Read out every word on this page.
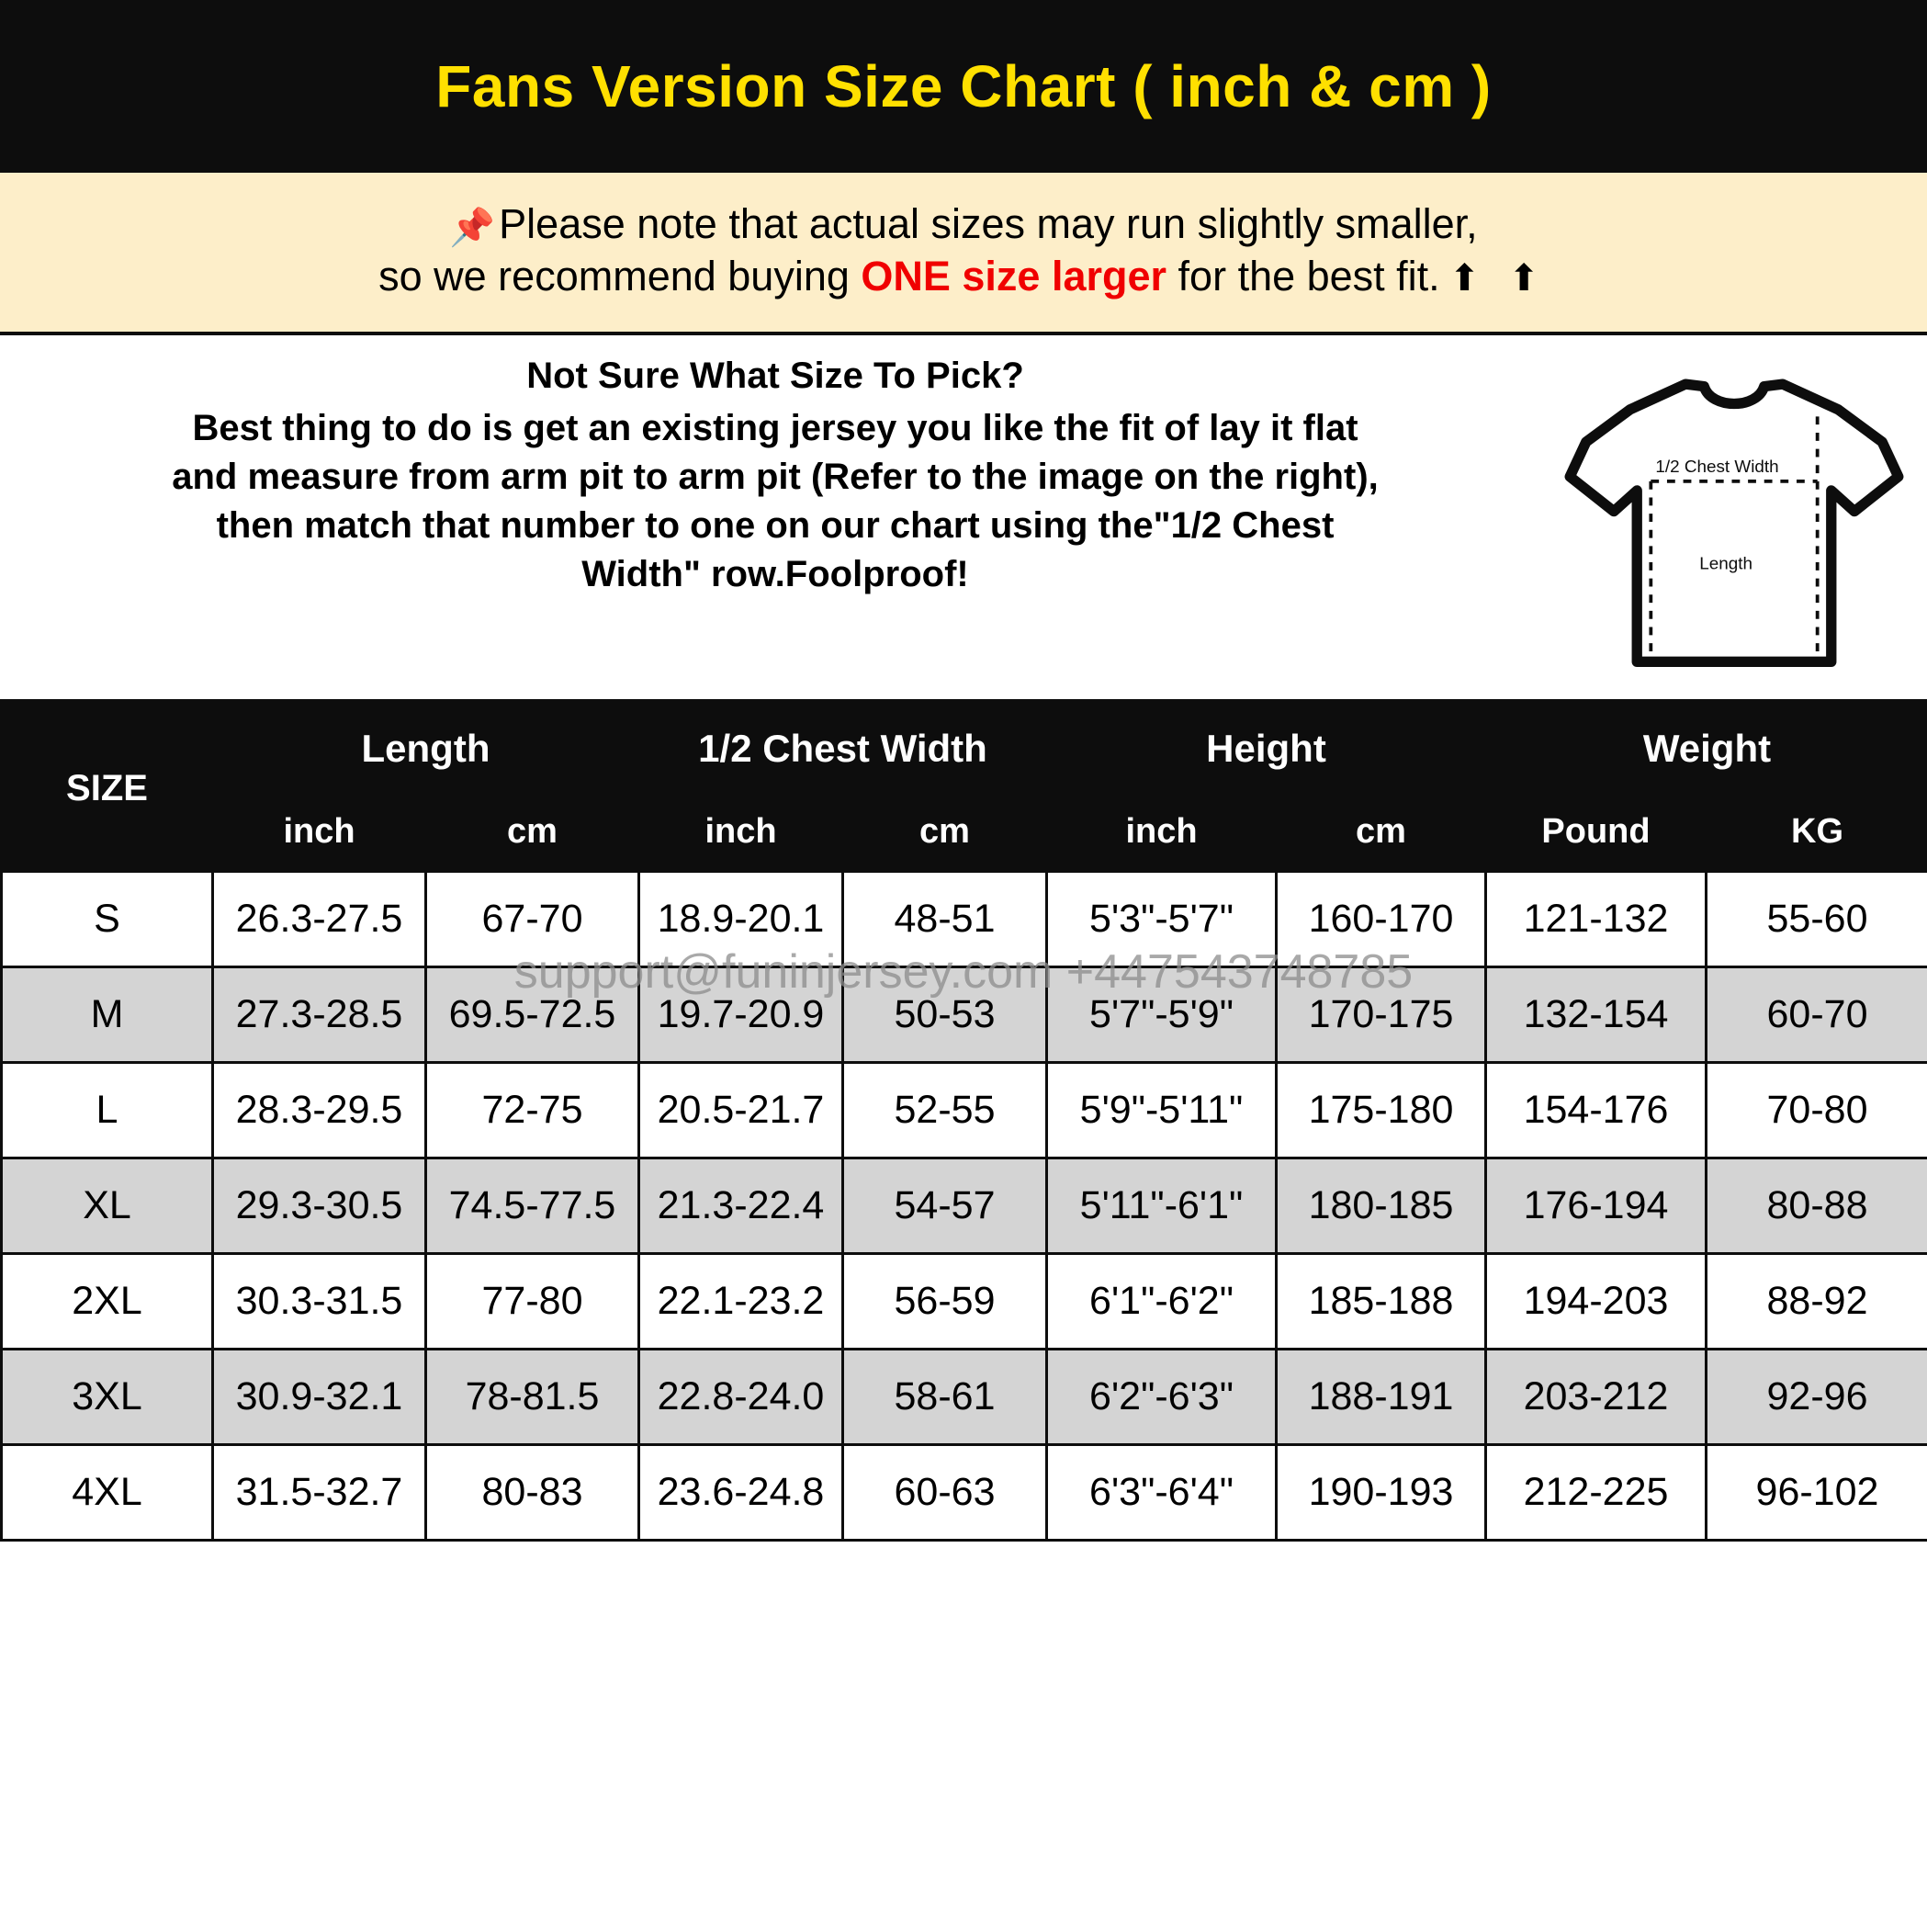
Fans Version Size Chart ( inch & cm )
📌Please note that actual sizes may run slightly smaller,
so we recommend buying ONE size larger for the best fit. ⬆ ⬆
Not Sure What Size To Pick?
Best thing to do is get an existing jersey you like the fit of lay it flat
and measure from arm pit to arm pit (Refer to the image on the right),
then match that number to one on our chart using the"1/2 Chest
Width" row.Foolproof!
1/2 Chest Width
Length
SIZE	Length		1/2 Chest Width		Height		Weight	
	inch	cm	inch	cm	inch	cm	Pound	KG
S	26.3-27.5	67-70	18.9-20.1	48-51	5'3"-5'7"	160-170	121-132	55-60
M	27.3-28.5	69.5-72.5	19.7-20.9	50-53	5'7"-5'9"	170-175	132-154	60-70
L	28.3-29.5	72-75	20.5-21.7	52-55	5'9"-5'11"	175-180	154-176	70-80
XL	29.3-30.5	74.5-77.5	21.3-22.4	54-57	5'11"-6'1"	180-185	176-194	80-88
2XL	30.3-31.5	77-80	22.1-23.2	56-59	6'1"-6'2"	185-188	194-203	88-92
3XL	30.9-32.1	78-81.5	22.8-24.0	58-61	6'2"-6'3"	188-191	203-212	92-96
4XL	31.5-32.7	80-83	23.6-24.8	60-63	6'3"-6'4"	190-193	212-225	96-102
support@funinjersey.com +447543748785
